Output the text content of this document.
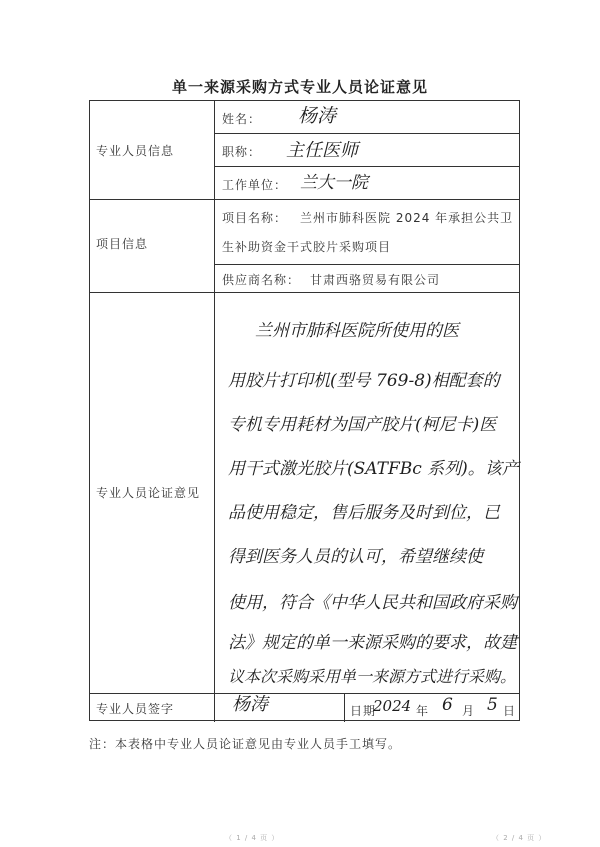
单一来源采购方式专业人员论证意见
专业人员信息
项目信息
专业人员论证意见
专业人员签字
姓名： 杨涛
职称： 主任医师
工作单位： 兰大一院
项目名称： 兰州市肺科医院 2024 年承担公共卫
生补助资金干式胶片采购项目
供应商名称： 甘肃西骆贸易有限公司
兰州市肺科医院所使用的医
用胶片打印机(型号 769-8)相配套的
专机专用耗材为国产胶片(柯尼卡)医
用干式激光胶片(SATFBc 系列)。该产
品使用稳定，售后服务及时到位，已
得到医务人员的认可，希望继续使
使用，符合《中华人民共和国政府采购
法》规定的单一来源采购的要求，故建
议本次采购采用单一来源方式进行采购。
杨涛	日期
2024 年 6 月 5 日
注：本表格中专业人员论证意见由专业人员手工填写。
（ 1 / 4 页 ）	（ 2 / 4 页 ）
